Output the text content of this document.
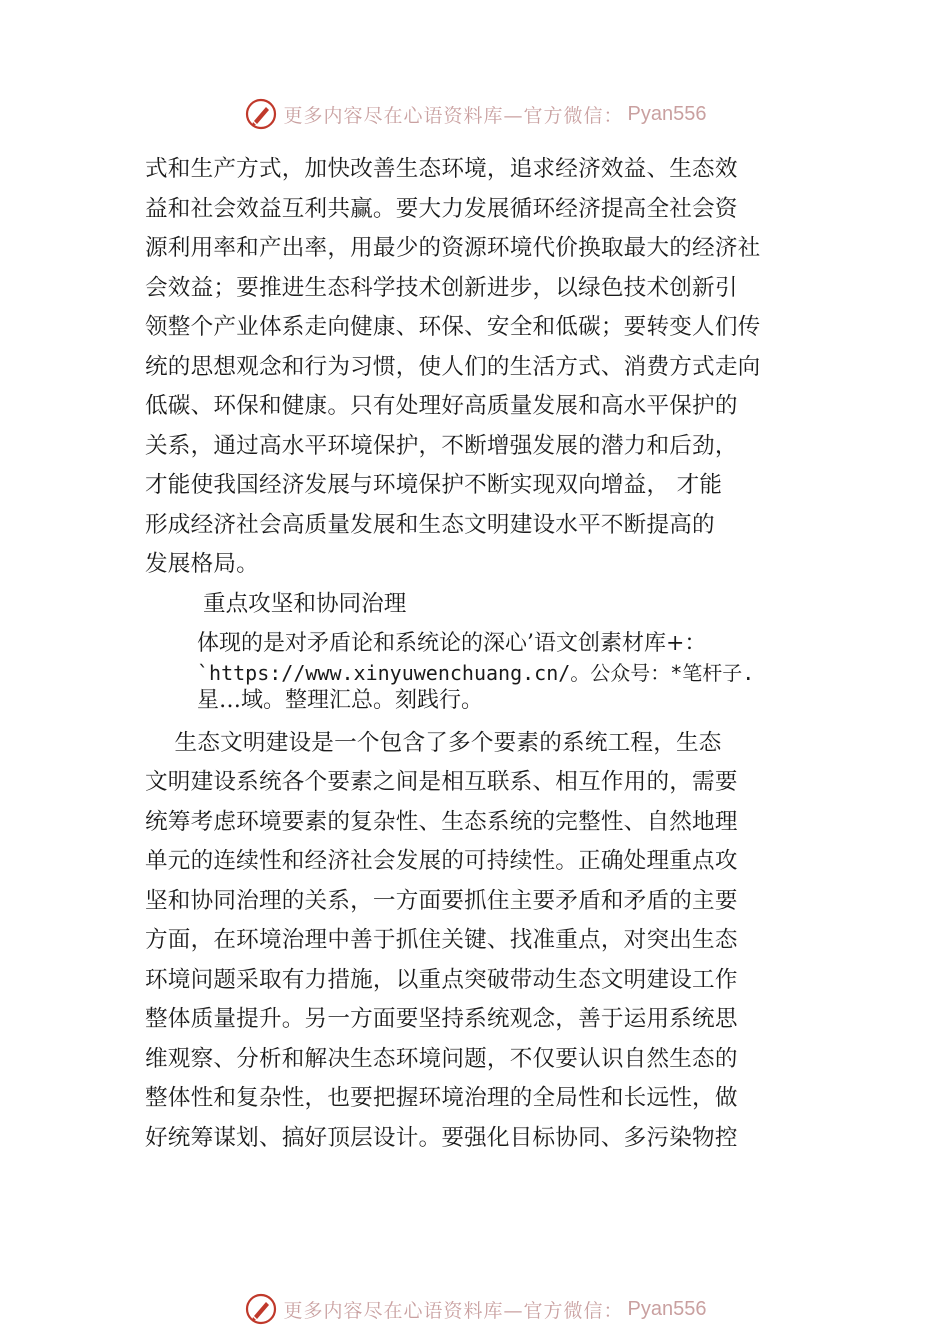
更多内容尽在心语资料库—官方微信： Pyan556
式和生产方式，加快改善生态环境，追求经济效益、生态效
益和社会效益互利共赢。要大力发展循环经济提高全社会资
源利用率和产出率，用最少的资源环境代价换取最大的经济社
会效益；要推进生态科学技术创新进步，以绿色技术创新引
领整个产业体系走向健康、环保、安全和低碳；要转变人们传
统的思想观念和行为习惯，使人们的生活方式、消费方式走向
低碳、环保和健康。只有处理好高质量发展和高水平保护的
关系，通过高水平环境保护，不断增强发展的潜力和后劲，
才能使我国经济发展与环境保护不断实现双向增益， 才能
形成经济社会高质量发展和生态文明建设水平不断提高的
发展格局。
重点攻坚和协同治理
体现的是对矛盾论和系统论的深心’语文创素材库+：
`https://www.xinyuwenchuang.cn/。公众号：*笔杆子.
星…域。整理汇总。刻践行。
生态文明建设是一个包含了多个要素的系统工程，生态
文明建设系统各个要素之间是相互联系、相互作用的，需要
统筹考虑环境要素的复杂性、生态系统的完整性、自然地理
单元的连续性和经济社会发展的可持续性。正确处理重点攻
坚和协同治理的关系，一方面要抓住主要矛盾和矛盾的主要
方面，在环境治理中善于抓住关键、找准重点，对突出生态
环境问题采取有力措施，以重点突破带动生态文明建设工作
整体质量提升。另一方面要坚持系统观念，善于运用系统思
维观察、分析和解决生态环境问题，不仅要认识自然生态的
整体性和复杂性，也要把握环境治理的全局性和长远性，做
好统筹谋划、搞好顶层设计。要强化目标协同、多污染物控
更多内容尽在心语资料库—官方微信： Pyan556
